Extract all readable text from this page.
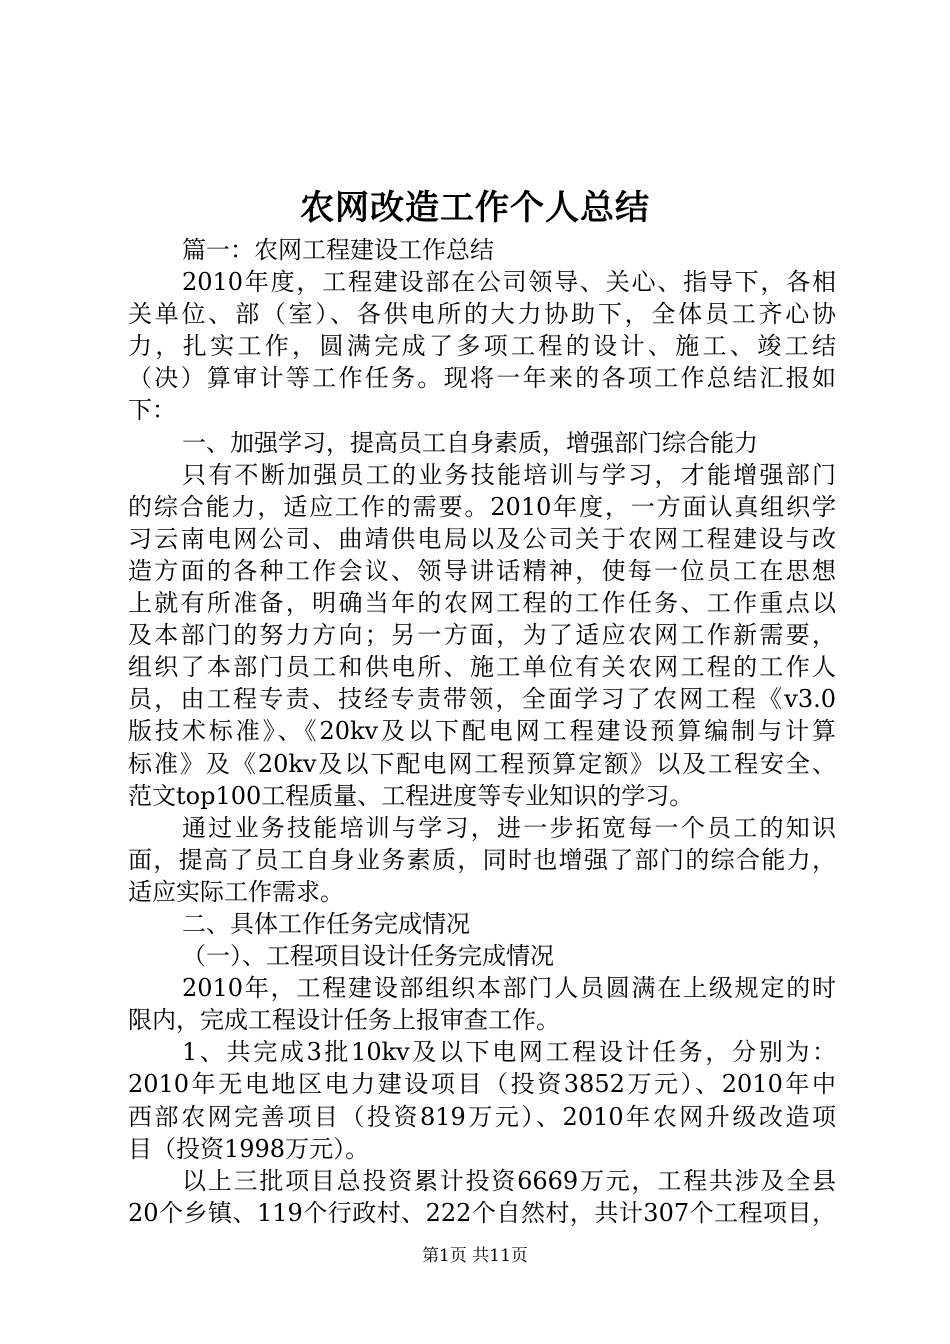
农网改造工作个人总结
篇一：农网工程建设工作总结
2010年度，工程建设部在公司领导、关心、指导下，各相
关单位、部（室）、各供电所的大力协助下，全体员工齐心协
力，扎实工作，圆满完成了多项工程的设计、施工、竣工结
（决）算审计等工作任务。现将一年来的各项工作总结汇报如
下：
一、加强学习，提高员工自身素质，增强部门综合能力
只有不断加强员工的业务技能培训与学习，才能增强部门
的综合能力，适应工作的需要。2010年度，一方面认真组织学
习云南电网公司、曲靖供电局以及公司关于农网工程建设与改
造方面的各种工作会议、领导讲话精神，使每一位员工在思想
上就有所准备，明确当年的农网工程的工作任务、工作重点以
及本部门的努力方向；另一方面，为了适应农网工作新需要，
组织了本部门员工和供电所、施工单位有关农网工程的工作人
员，由工程专责、技经专责带领，全面学习了农网工程《v3.0
版技术标准》、《20kv及以下配电网工程建设预算编制与计算
标准》及《20kv及以下配电网工程预算定额》以及工程安全、
范文top100工程质量、工程进度等专业知识的学习。
通过业务技能培训与学习，进一步拓宽每一个员工的知识
面，提高了员工自身业务素质，同时也增强了部门的综合能力，
适应实际工作需求。
二、具体工作任务完成情况
（一）、工程项目设计任务完成情况
2010年，工程建设部组织本部门人员圆满在上级规定的时
限内，完成工程设计任务上报审查工作。
1、共完成3批10kv及以下电网工程设计任务，分别为：
2010年无电地区电力建设项目（投资3852万元）、2010年中
西部农网完善项目（投资819万元）、2010年农网升级改造项
目（投资1998万元）。
以上三批项目总投资累计投资6669万元，工程共涉及全县
20个乡镇、119个行政村、222个自然村，共计307个工程项目，
第1页 共11页
